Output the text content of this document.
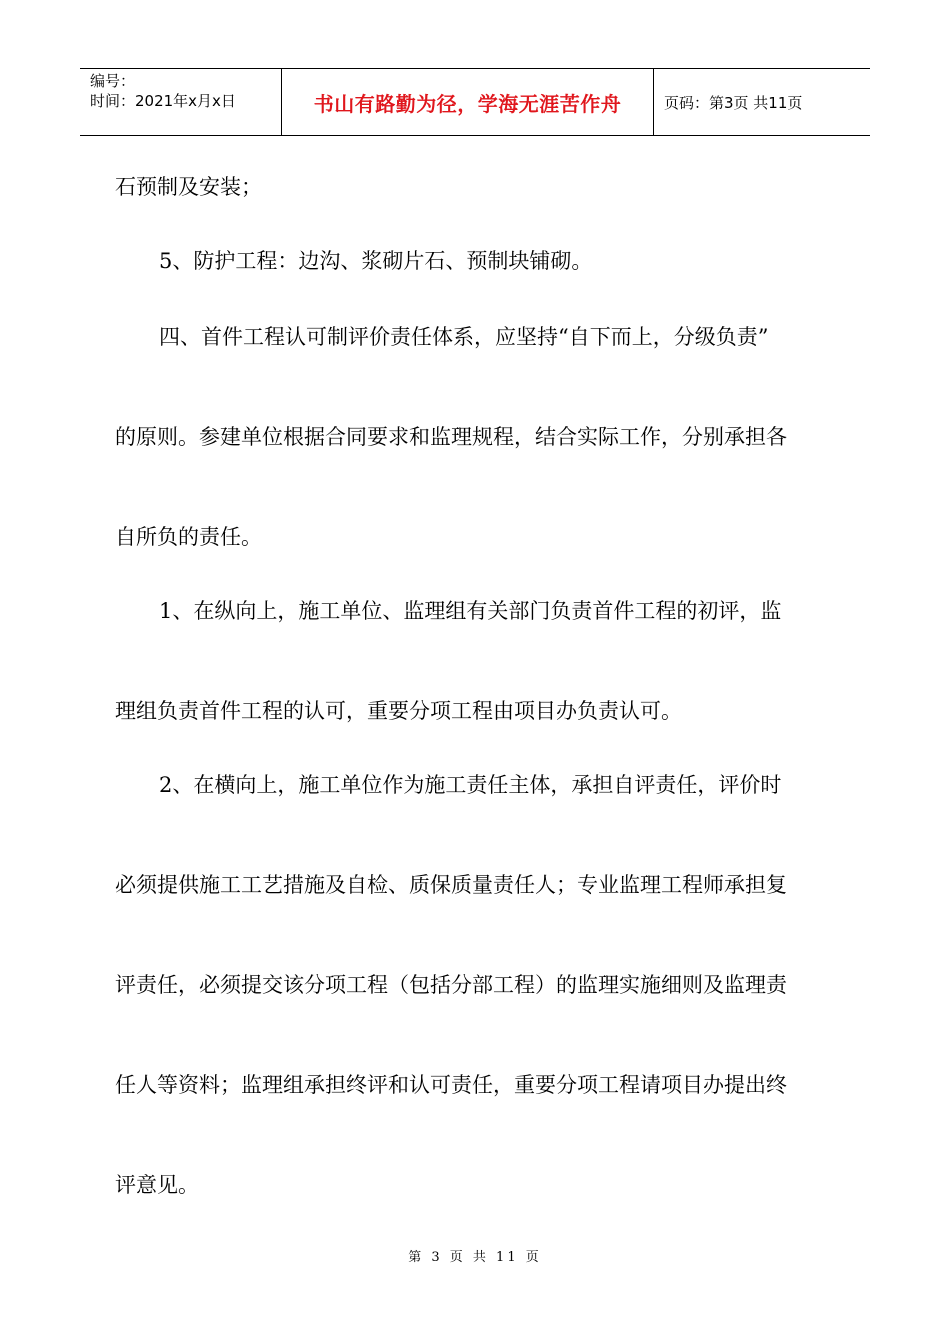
编号：
时间：2021年x月x日	书山有路勤为径，学海无涯苦作舟	页码：第3页 共11页
石预制及安装；
5、防护工程：边沟、浆砌片石、预制块铺砌。
四、首件工程认可制评价责任体系，应坚持“自下而上，分级负责”
的原则。参建单位根据合同要求和监理规程，结合实际工作，分别承担各
自所负的责任。
1、在纵向上，施工单位、监理组有关部门负责首件工程的初评，监
理组负责首件工程的认可，重要分项工程由项目办负责认可。
2、在横向上，施工单位作为施工责任主体，承担自评责任，评价时
必须提供施工工艺措施及自检、质保质量责任人；专业监理工程师承担复
评责任，必须提交该分项工程（包括分部工程）的监理实施细则及监理责
任人等资料；监理组承担终评和认可责任，重要分项工程请项目办提出终
评意见。
第 3 页 共 11 页
